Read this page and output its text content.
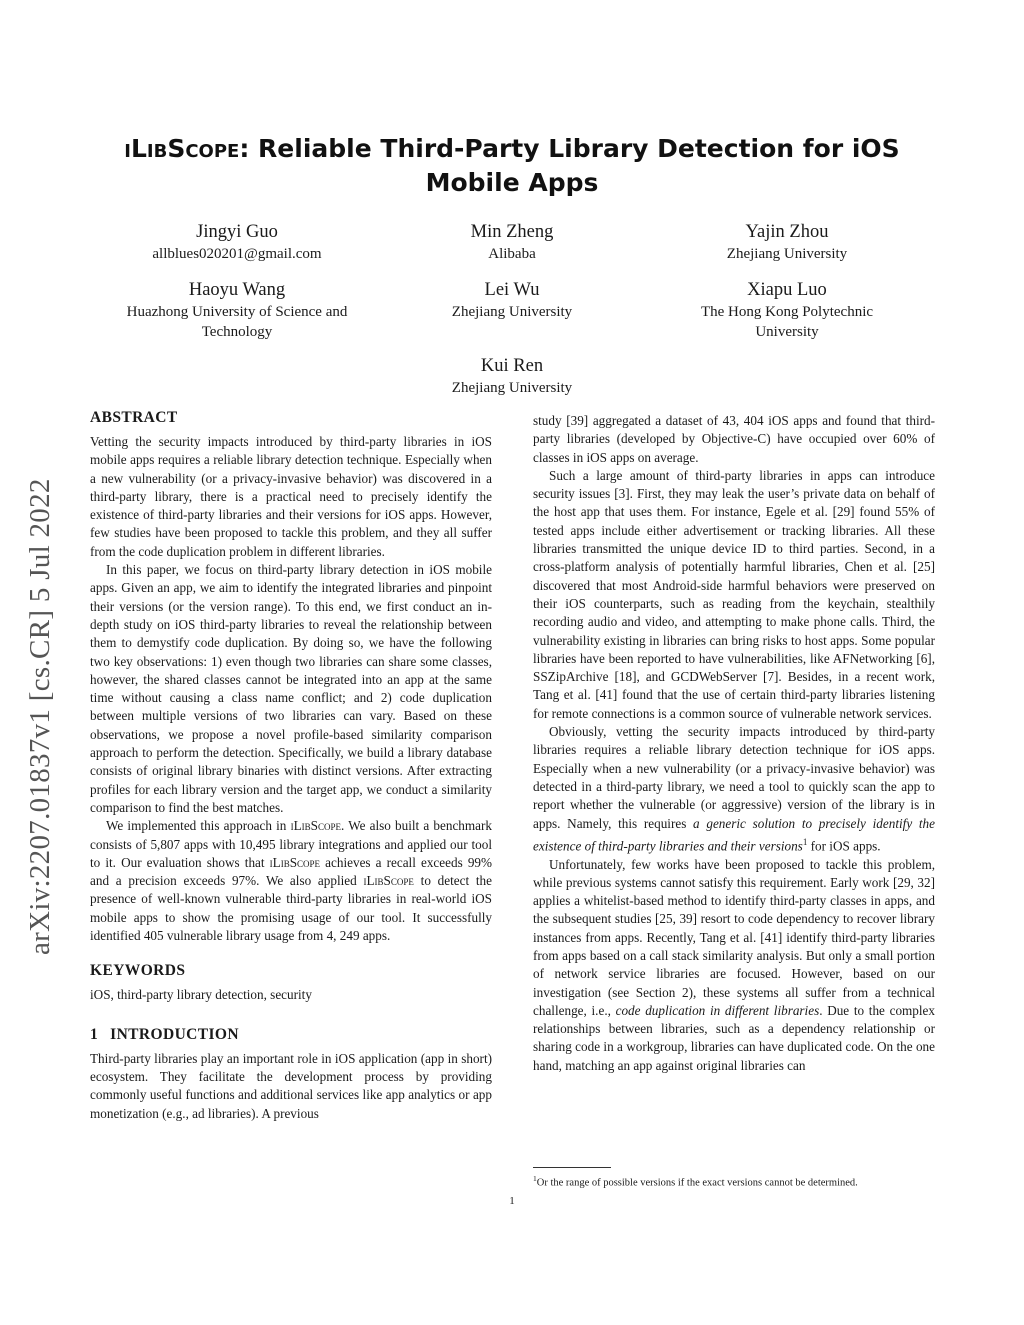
arXiv:2207.01837v1 [cs.CR] 5 Jul 2022
iLibScope: Reliable Third-Party Library Detection for iOS Mobile Apps
Jingyi Guo
allblues020201@gmail.com
Min Zheng
Alibaba
Yajin Zhou
Zhejiang University
Haoyu Wang
Huazhong University of Science and Technology
Lei Wu
Zhejiang University
Xiapu Luo
The Hong Kong Polytechnic University
Kui Ren
Zhejiang University
ABSTRACT

Vetting the security impacts introduced by third-party libraries in iOS mobile apps requires a reliable library detection technique. Especially when a new vulnerability (or a privacy-invasive behavior) was discovered in a third-party library, there is a practical need to precisely identify the existence of third-party libraries and their versions for iOS apps. However, few studies have been proposed to tackle this problem, and they all suffer from the code duplication problem in different libraries.

In this paper, we focus on third-party library detection in iOS mobile apps. Given an app, we aim to identify the integrated libraries and pinpoint their versions (or the version range). To this end, we first conduct an in-depth study on iOS third-party libraries to reveal the relationship between them to demystify code duplication. By doing so, we have the following two key observations: 1) even though two libraries can share some classes, however, the shared classes cannot be integrated into an app at the same time without causing a class name conflict; and 2) code duplication between multiple versions of two libraries can vary. Based on these observations, we propose a novel profile-based similarity comparison approach to perform the detection. Specifically, we build a library database consists of original library binaries with distinct versions. After extracting profiles for each library version and the target app, we conduct a similarity comparison to find the best matches.

We implemented this approach in iLibScope. We also built a benchmark consists of 5,807 apps with 10,495 library integrations and applied our tool to it. Our evaluation shows that iLibScope achieves a recall exceeds 99% and a precision exceeds 97%. We also applied iLibScope to detect the presence of well-known vulnerable third-party libraries in real-world iOS mobile apps to show the promising usage of our tool. It successfully identified 405 vulnerable library usage from 4, 249 apps.

KEYWORDS

iOS, third-party library detection, security

1 INTRODUCTION

Third-party libraries play an important role in iOS application (app in short) ecosystem. They facilitate the development process by providing commonly useful functions and additional services like app analytics or app monetization (e.g., ad libraries). A previous

study [39] aggregated a dataset of 43, 404 iOS apps and found that third-party libraries (developed by Objective-C) have occupied over 60% of classes in iOS apps on average.

Such a large amount of third-party libraries in apps can introduce security issues [3]. First, they may leak the user’s private data on behalf of the host app that uses them. For instance, Egele et al. [29] found 55% of tested apps include either advertisement or tracking libraries. All these libraries transmitted the unique device ID to third parties. Second, in a cross-platform analysis of potentially harmful libraries, Chen et al. [25] discovered that most Android-side harmful behaviors were preserved on their iOS counterparts, such as reading from the keychain, stealthily recording audio and video, and attempting to make phone calls. Third, the vulnerability existing in libraries can bring risks to host apps. Some popular libraries have been reported to have vulnerabilities, like AFNetworking [6], SSZipArchive [18], and GCDWebServer [7]. Besides, in a recent work, Tang et al. [41] found that the use of certain third-party libraries listening for remote connections is a common source of vulnerable network services.

Obviously, vetting the security impacts introduced by third-party libraries requires a reliable library detection technique for iOS apps. Especially when a new vulnerability (or a privacy-invasive behavior) was detected in a third-party library, we need a tool to quickly scan the app to report whether the vulnerable (or aggressive) version of the library is in apps. Namely, this requires a generic solution to precisely identify the existence of third-party libraries and their versions$^1$ for iOS apps.

Unfortunately, few works have been proposed to tackle this problem, while previous systems cannot satisfy this requirement. Early work [29, 32] applies a whitelist-based method to identify third-party classes in apps, and the subsequent studies [25, 39] resort to code dependency to recover library instances from apps. Recently, Tang et al. [41] identify third-party libraries from apps based on a call stack similarity analysis. But only a small portion of network service libraries are focused. However, based on our investigation (see Section 2), these systems all suffer from a technical challenge, i.e., code duplication in different libraries. Due to the complex relationships between libraries, such as a dependency relationship or sharing code in a workgroup, libraries can have duplicated code. On the one hand, matching an app against original libraries can

$^1$Or the range of possible versions if the exact versions cannot be determined.
1
